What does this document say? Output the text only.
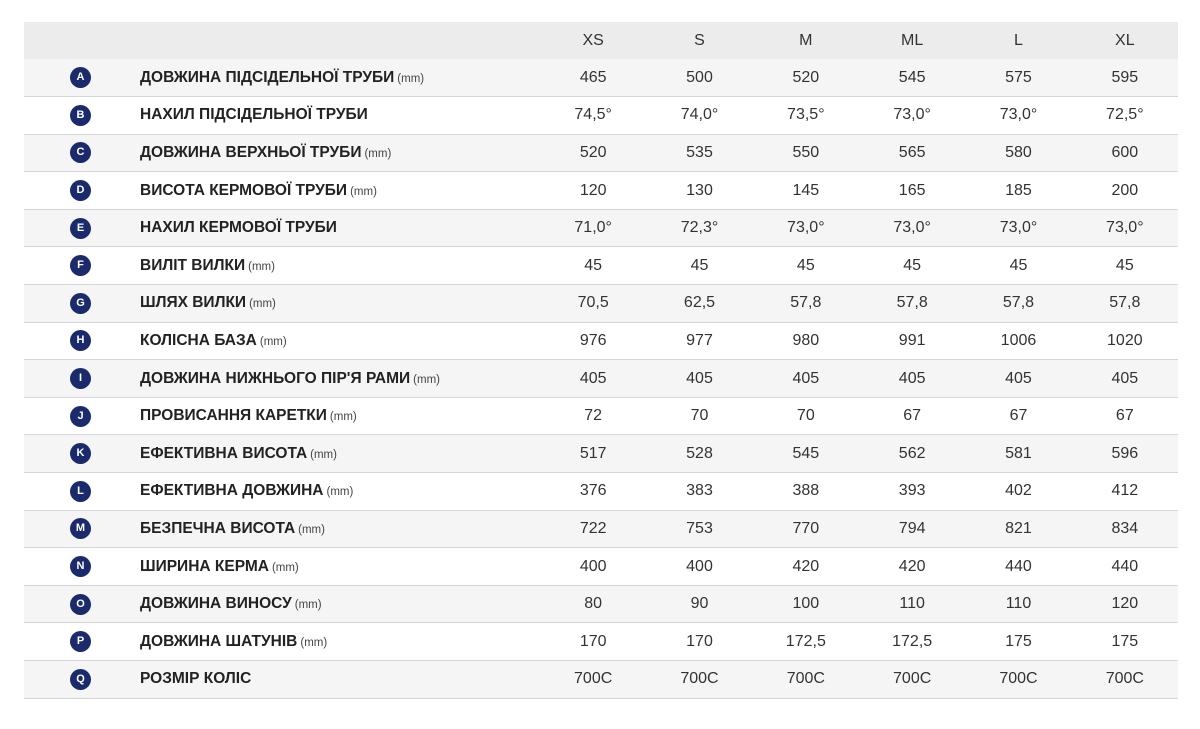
		XS	S	M	ML	L	XL
A	ДОВЖИНА ПІДСІДЕЛЬНОЇ ТРУБИ (mm)	465	500	520	545	575	595
B	НАХИЛ ПІДСІДЕЛЬНОЇ ТРУБИ	74,5°	74,0°	73,5°	73,0°	73,0°	72,5°
C	ДОВЖИНА ВЕРХНЬОЇ ТРУБИ (mm)	520	535	550	565	580	600
D	ВИСОТА КЕРМОВОЇ ТРУБИ (mm)	120	130	145	165	185	200
E	НАХИЛ КЕРМОВОЇ ТРУБИ	71,0°	72,3°	73,0°	73,0°	73,0°	73,0°
F	ВИЛІТ ВИЛКИ (mm)	45	45	45	45	45	45
G	ШЛЯХ ВИЛКИ (mm)	70,5	62,5	57,8	57,8	57,8	57,8
H	КОЛІСНА БАЗА (mm)	976	977	980	991	1006	1020
I	ДОВЖИНА НИЖНЬОГО ПІР'Я РАМИ (mm)	405	405	405	405	405	405
J	ПРОВИСАННЯ КАРЕТКИ (mm)	72	70	70	67	67	67
K	ЕФЕКТИВНА ВИСОТА (mm)	517	528	545	562	581	596
L	ЕФЕКТИВНА ДОВЖИНА (mm)	376	383	388	393	402	412
M	БЕЗПЕЧНА ВИСОТА (mm)	722	753	770	794	821	834
N	ШИРИНА КЕРМА (mm)	400	400	420	420	440	440
O	ДОВЖИНА ВИНОСУ (mm)	80	90	100	110	110	120
P	ДОВЖИНА ШАТУНІВ (mm)	170	170	172,5	172,5	175	175
Q	РОЗМІР КОЛІС	700C	700C	700C	700C	700C	700C
